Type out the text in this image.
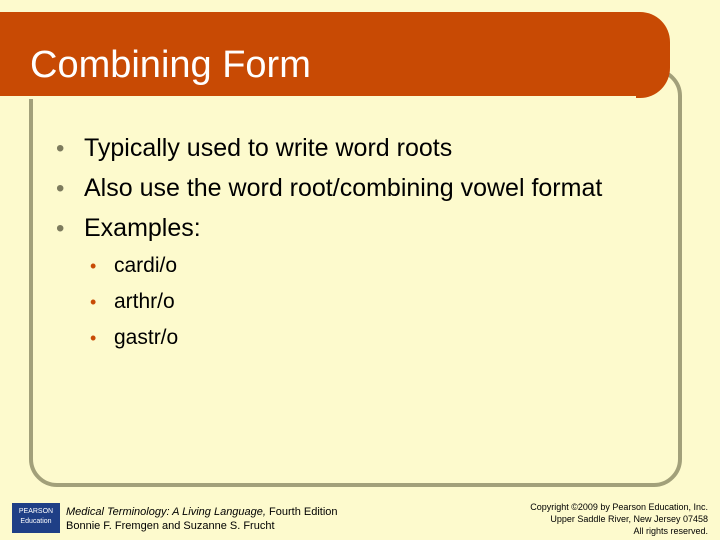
Combining Form
• Typically used to write word roots
• Also use the word root/combining vowel format
• Examples:
• cardi/o
• arthr/o
• gastr/o
PEARSON
Education
Medical Terminology: A Living Language, Fourth Edition
Bonnie F. Fremgen and Suzanne S. Frucht
Copyright ©2009 by Pearson Education, Inc.
Upper Saddle River, New Jersey 07458
All rights reserved.
